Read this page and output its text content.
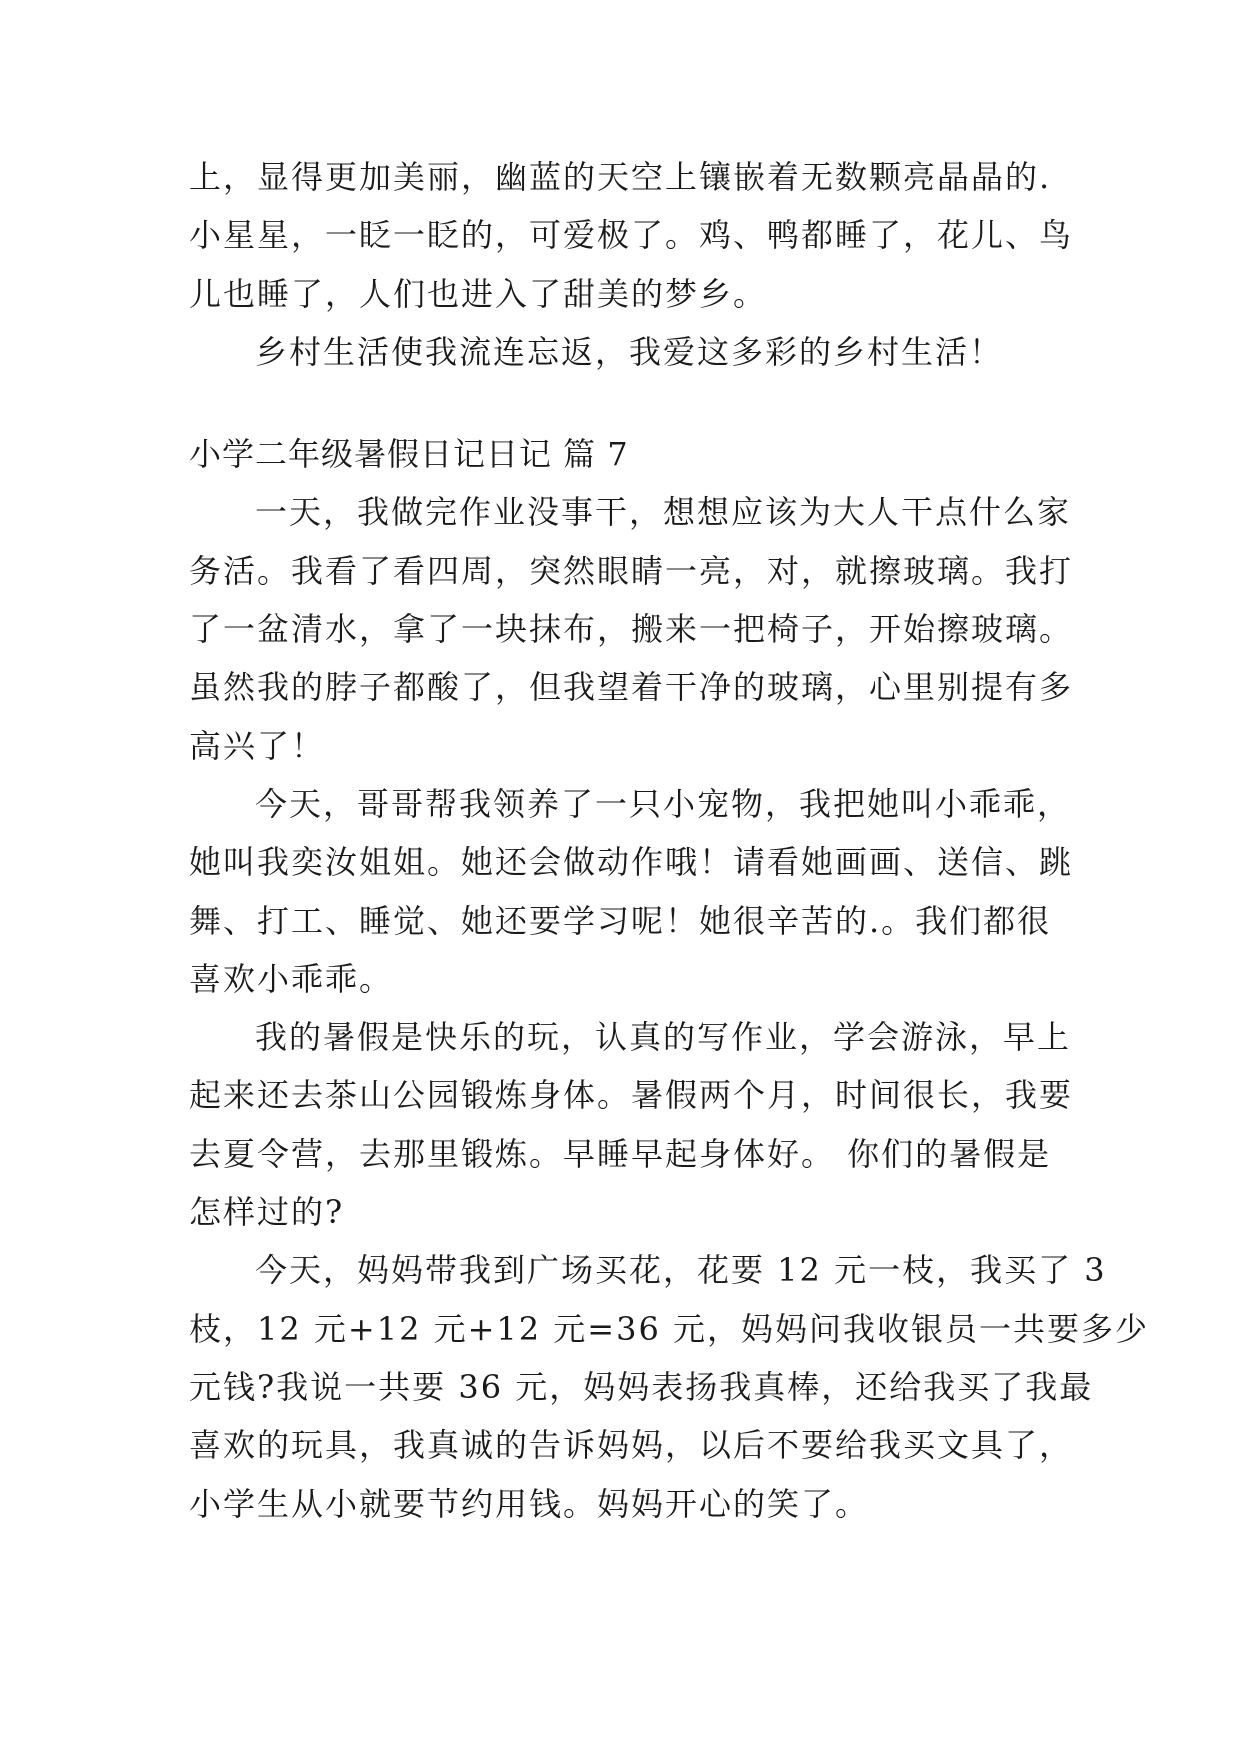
上，显得更加美丽，幽蓝的天空上镶嵌着无数颗亮晶晶的.
小星星，一眨一眨的，可爱极了。鸡、鸭都睡了，花儿、鸟
儿也睡了，人们也进入了甜美的梦乡。
乡村生活使我流连忘返，我爱这多彩的乡村生活！
小学二年级暑假日记日记 篇 7
一天，我做完作业没事干，想想应该为大人干点什么家
务活。我看了看四周，突然眼睛一亮，对，就擦玻璃。我打
了一盆清水，拿了一块抹布，搬来一把椅子，开始擦玻璃。
虽然我的脖子都酸了，但我望着干净的玻璃，心里别提有多
高兴了！
今天，哥哥帮我领养了一只小宠物，我把她叫小乖乖，
她叫我奕汝姐姐。她还会做动作哦！请看她画画、送信、跳
舞、打工、睡觉、她还要学习呢！她很辛苦的.。我们都很
喜欢小乖乖。
我的暑假是快乐的玩，认真的写作业，学会游泳，早上
起来还去茶山公园锻炼身体。暑假两个月，时间很长，我要
去夏令营，去那里锻炼。早睡早起身体好。 你们的暑假是
怎样过的?
今天，妈妈带我到广场买花，花要 12 元一枝，我买了 3
枝，12 元+12 元+12 元=36 元，妈妈问我收银员一共要多少
元钱?我说一共要 36 元，妈妈表扬我真棒，还给我买了我最
喜欢的玩具，我真诚的告诉妈妈，以后不要给我买文具了，
小学生从小就要节约用钱。妈妈开心的笑了。
